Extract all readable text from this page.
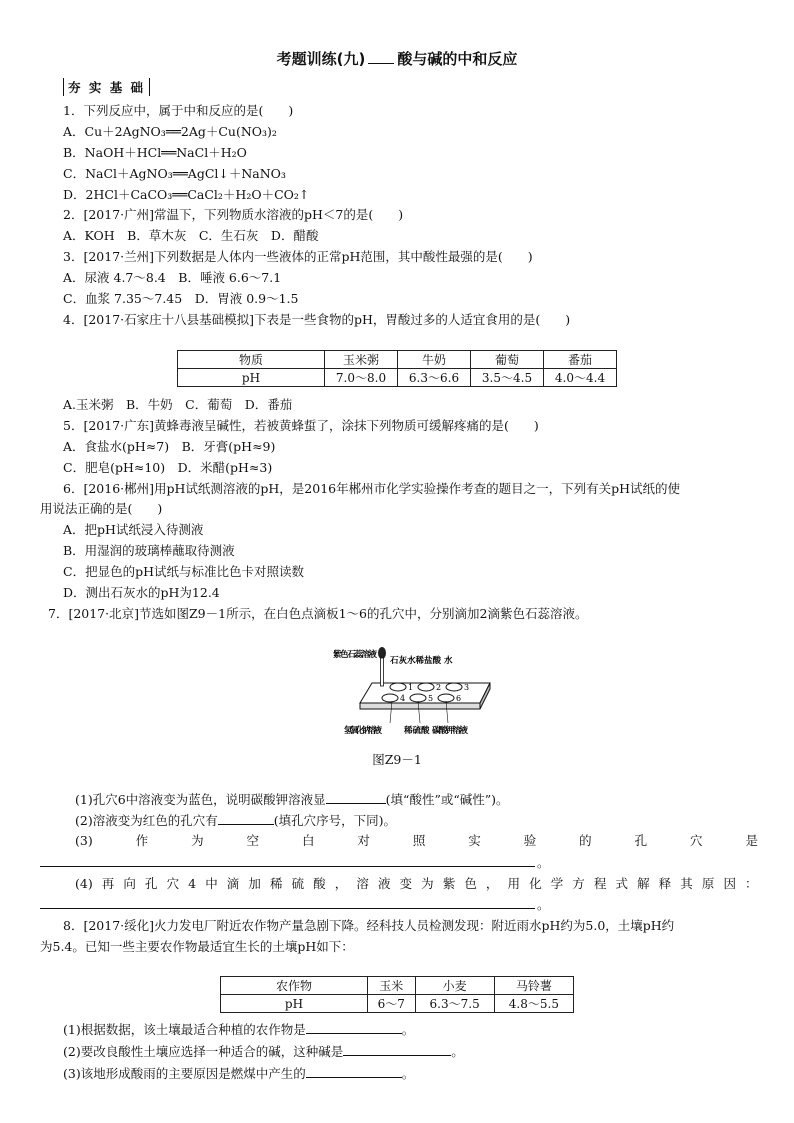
考题训练(九) 酸与碱的中和反应
夯 实 基 础
1．下列反应中，属于中和反应的是(　　)
A．Cu＋2AgNO₃══2Ag＋Cu(NO₃)₂
B．NaOH＋HCl══NaCl＋H₂O
C．NaCl＋AgNO₃══AgCl↓＋NaNO₃
D．2HCl＋CaCO₃══CaCl₂＋H₂O＋CO₂↑
2．[2017·广州]常温下，下列物质水溶液的pH＜7的是(　　)
A．KOH　B．草木灰　C．生石灰　D．醋酸
3．[2017·兰州]下列数据是人体内一些液体的正常pH范围，其中酸性最强的是(　　)
A．尿液 4.7～8.4　B．唾液 6.6～7.1
C．血浆 7.35～7.45　D．胃液 0.9～1.5
4．[2017·石家庄十八县基础模拟]下表是一些食物的pH，胃酸过多的人适宜食用的是(　　)
物质	玉米粥	牛奶	葡萄	番茄
pH	7.0～8.0	6.3～6.6	3.5～4.5	4.0～4.4
A.玉米粥　B．牛奶　C．葡萄　D．番茄
5．[2017·广东]黄蜂毒液呈碱性，若被黄蜂蜇了，涂抹下列物质可缓解疼痛的是(　　)
A．食盐水(pH≈7)　B．牙膏(pH≈9)
C．肥皂(pH≈10)　D．米醋(pH≈3)
6．[2016·郴州]用pH试纸测溶液的pH，是2016年郴州市化学实验操作考查的题目之一，下列有关pH试纸的使
用说法正确的是(　　)
A．把pH试纸浸入待测液
B．用湿润的玻璃棒蘸取待测液
C．把显色的pH试纸与标准比色卡对照读数
D．测出石灰水的pH为12.4
7．[2017·北京]节选如图Z9－1所示，在白色点滴板1～6的孔穴中，分别滴加2滴紫色石蕊溶液。
1	2	3
4	5	6
紫色石蕊溶液
石灰水稀盐酸 水
氢氧化钠溶液	稀硫酸 碳酸钾溶液
图Z9－1
(1)孔穴6中溶液变为蓝色，说明碳酸钾溶液显	(填“酸性”或“碱性”)。
(2)溶液变为红色的孔穴有	(填孔穴序号，下同)。
(3)	作	为	空	白	对	照	实	验	的	孔	穴	是
。
(4) 再 向 孔 穴 4 中 滴 加 稀 硫 酸 ， 溶 液 变 为 紫 色 ， 用 化 学 方 程 式 解 释 其 原 因 ：
。
8．[2017·绥化]火力发电厂附近农作物产量急剧下降。经科技人员检测发现：附近雨水pH约为5.0，土壤pH约
为5.4。已知一些主要农作物最适宜生长的土壤pH如下：
农作物	玉米	小麦	马铃薯
pH	6～7	6.3～7.5	4.8～5.5
(1)根据数据，该土壤最适合种植的农作物是	。
(2)要改良酸性土壤应选择一种适合的碱，这种碱是	。
(3)该地形成酸雨的主要原因是燃煤中产生的	。
